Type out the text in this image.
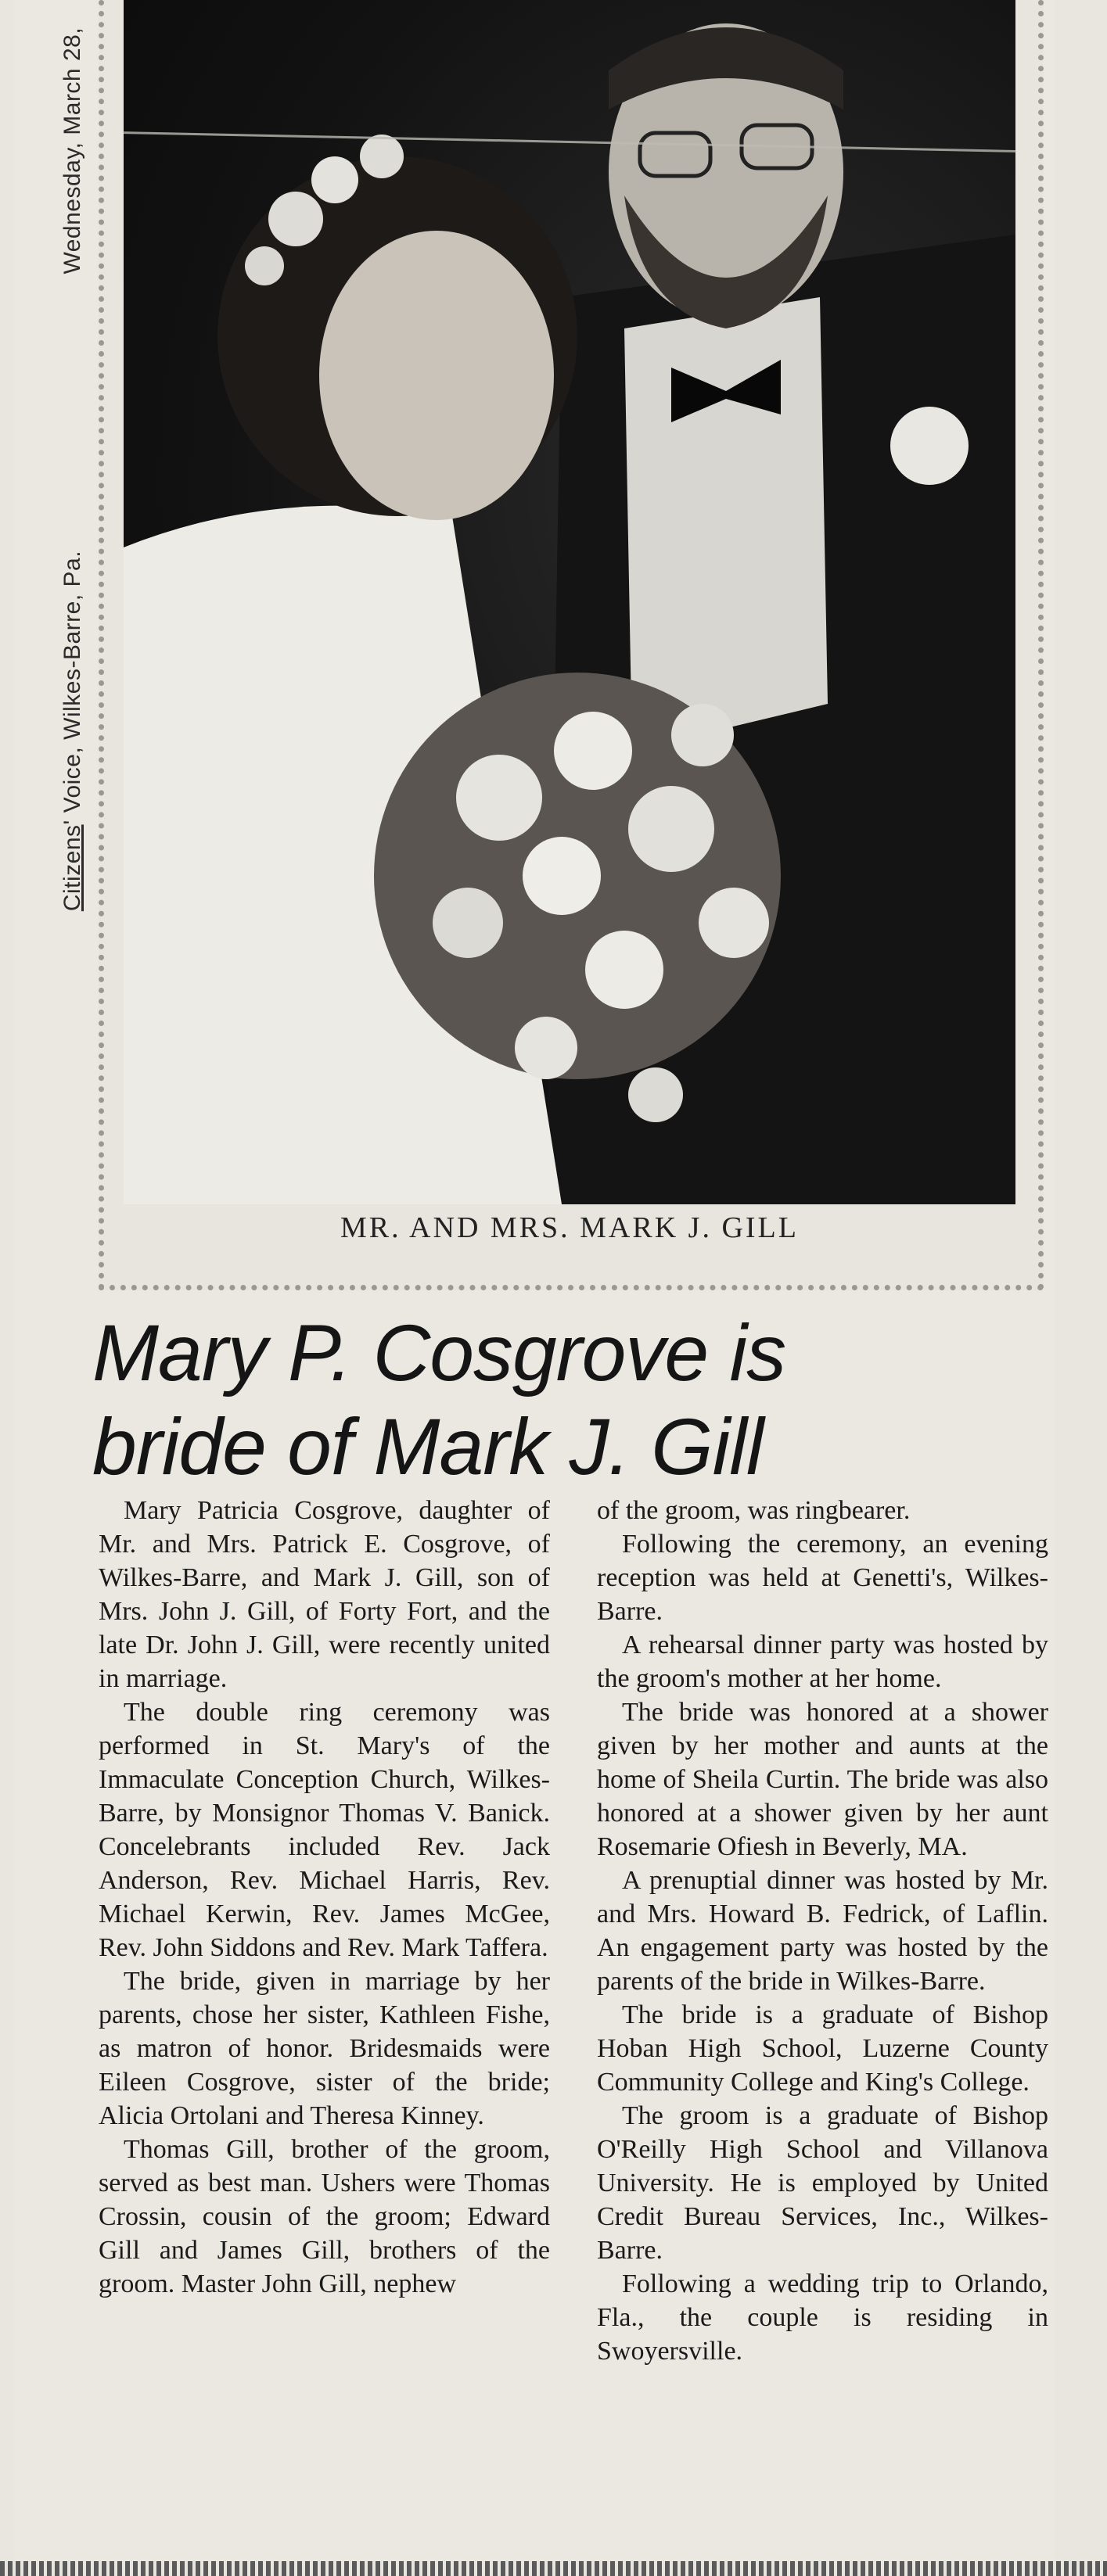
Citizens' Voice, Wilkes-Barre, Pa.                                        Wednesday, March 28,
MR. AND MRS. MARK J. GILL
Mary P. Cosgrove is
bride of Mark J. Gill

Mary Patricia Cosgrove, daughter of Mr. and Mrs. Patrick E. Cosgrove, of Wilkes-Barre, and Mark J. Gill, son of Mrs. John J. Gill, of Forty Fort, and the late Dr. John J. Gill, were recently united in marriage.

The double ring ceremony was performed in St. Mary's of the Immaculate Conception Church, Wilkes-Barre, by Monsignor Thomas V. Banick. Concelebrants included Rev. Jack Anderson, Rev. Michael Harris, Rev. Michael Kerwin, Rev. James McGee, Rev. John Siddons and Rev. Mark Taffera.

The bride, given in marriage by her parents, chose her sister, Kathleen Fishe, as matron of honor. Bridesmaids were Eileen Cosgrove, sister of the bride; Alicia Ortolani and Theresa Kinney.

Thomas Gill, brother of the groom, served as best man. Ushers were Thomas Crossin, cousin of the groom; Edward Gill and James Gill, brothers of the groom. Master John Gill, nephew

of the groom, was ringbearer.

Following the ceremony, an evening reception was held at Genetti's, Wilkes-Barre.

A rehearsal dinner party was hosted by the groom's mother at her home.

The bride was honored at a shower given by her mother and aunts at the home of Sheila Curtin. The bride was also honored at a shower given by her aunt Rosemarie Ofiesh in Beverly, MA.

A prenuptial dinner was hosted by Mr. and Mrs. Howard B. Fedrick, of Laflin. An engagement party was hosted by the parents of the bride in Wilkes-Barre.

The bride is a graduate of Bishop Hoban High School, Luzerne County Community College and King's College.

The groom is a graduate of Bishop O'Reilly High School and Villanova University. He is employed by United Credit Bureau Services, Inc., Wilkes-Barre.

Following a wedding trip to Orlando, Fla., the couple is residing in Swoyersville.
